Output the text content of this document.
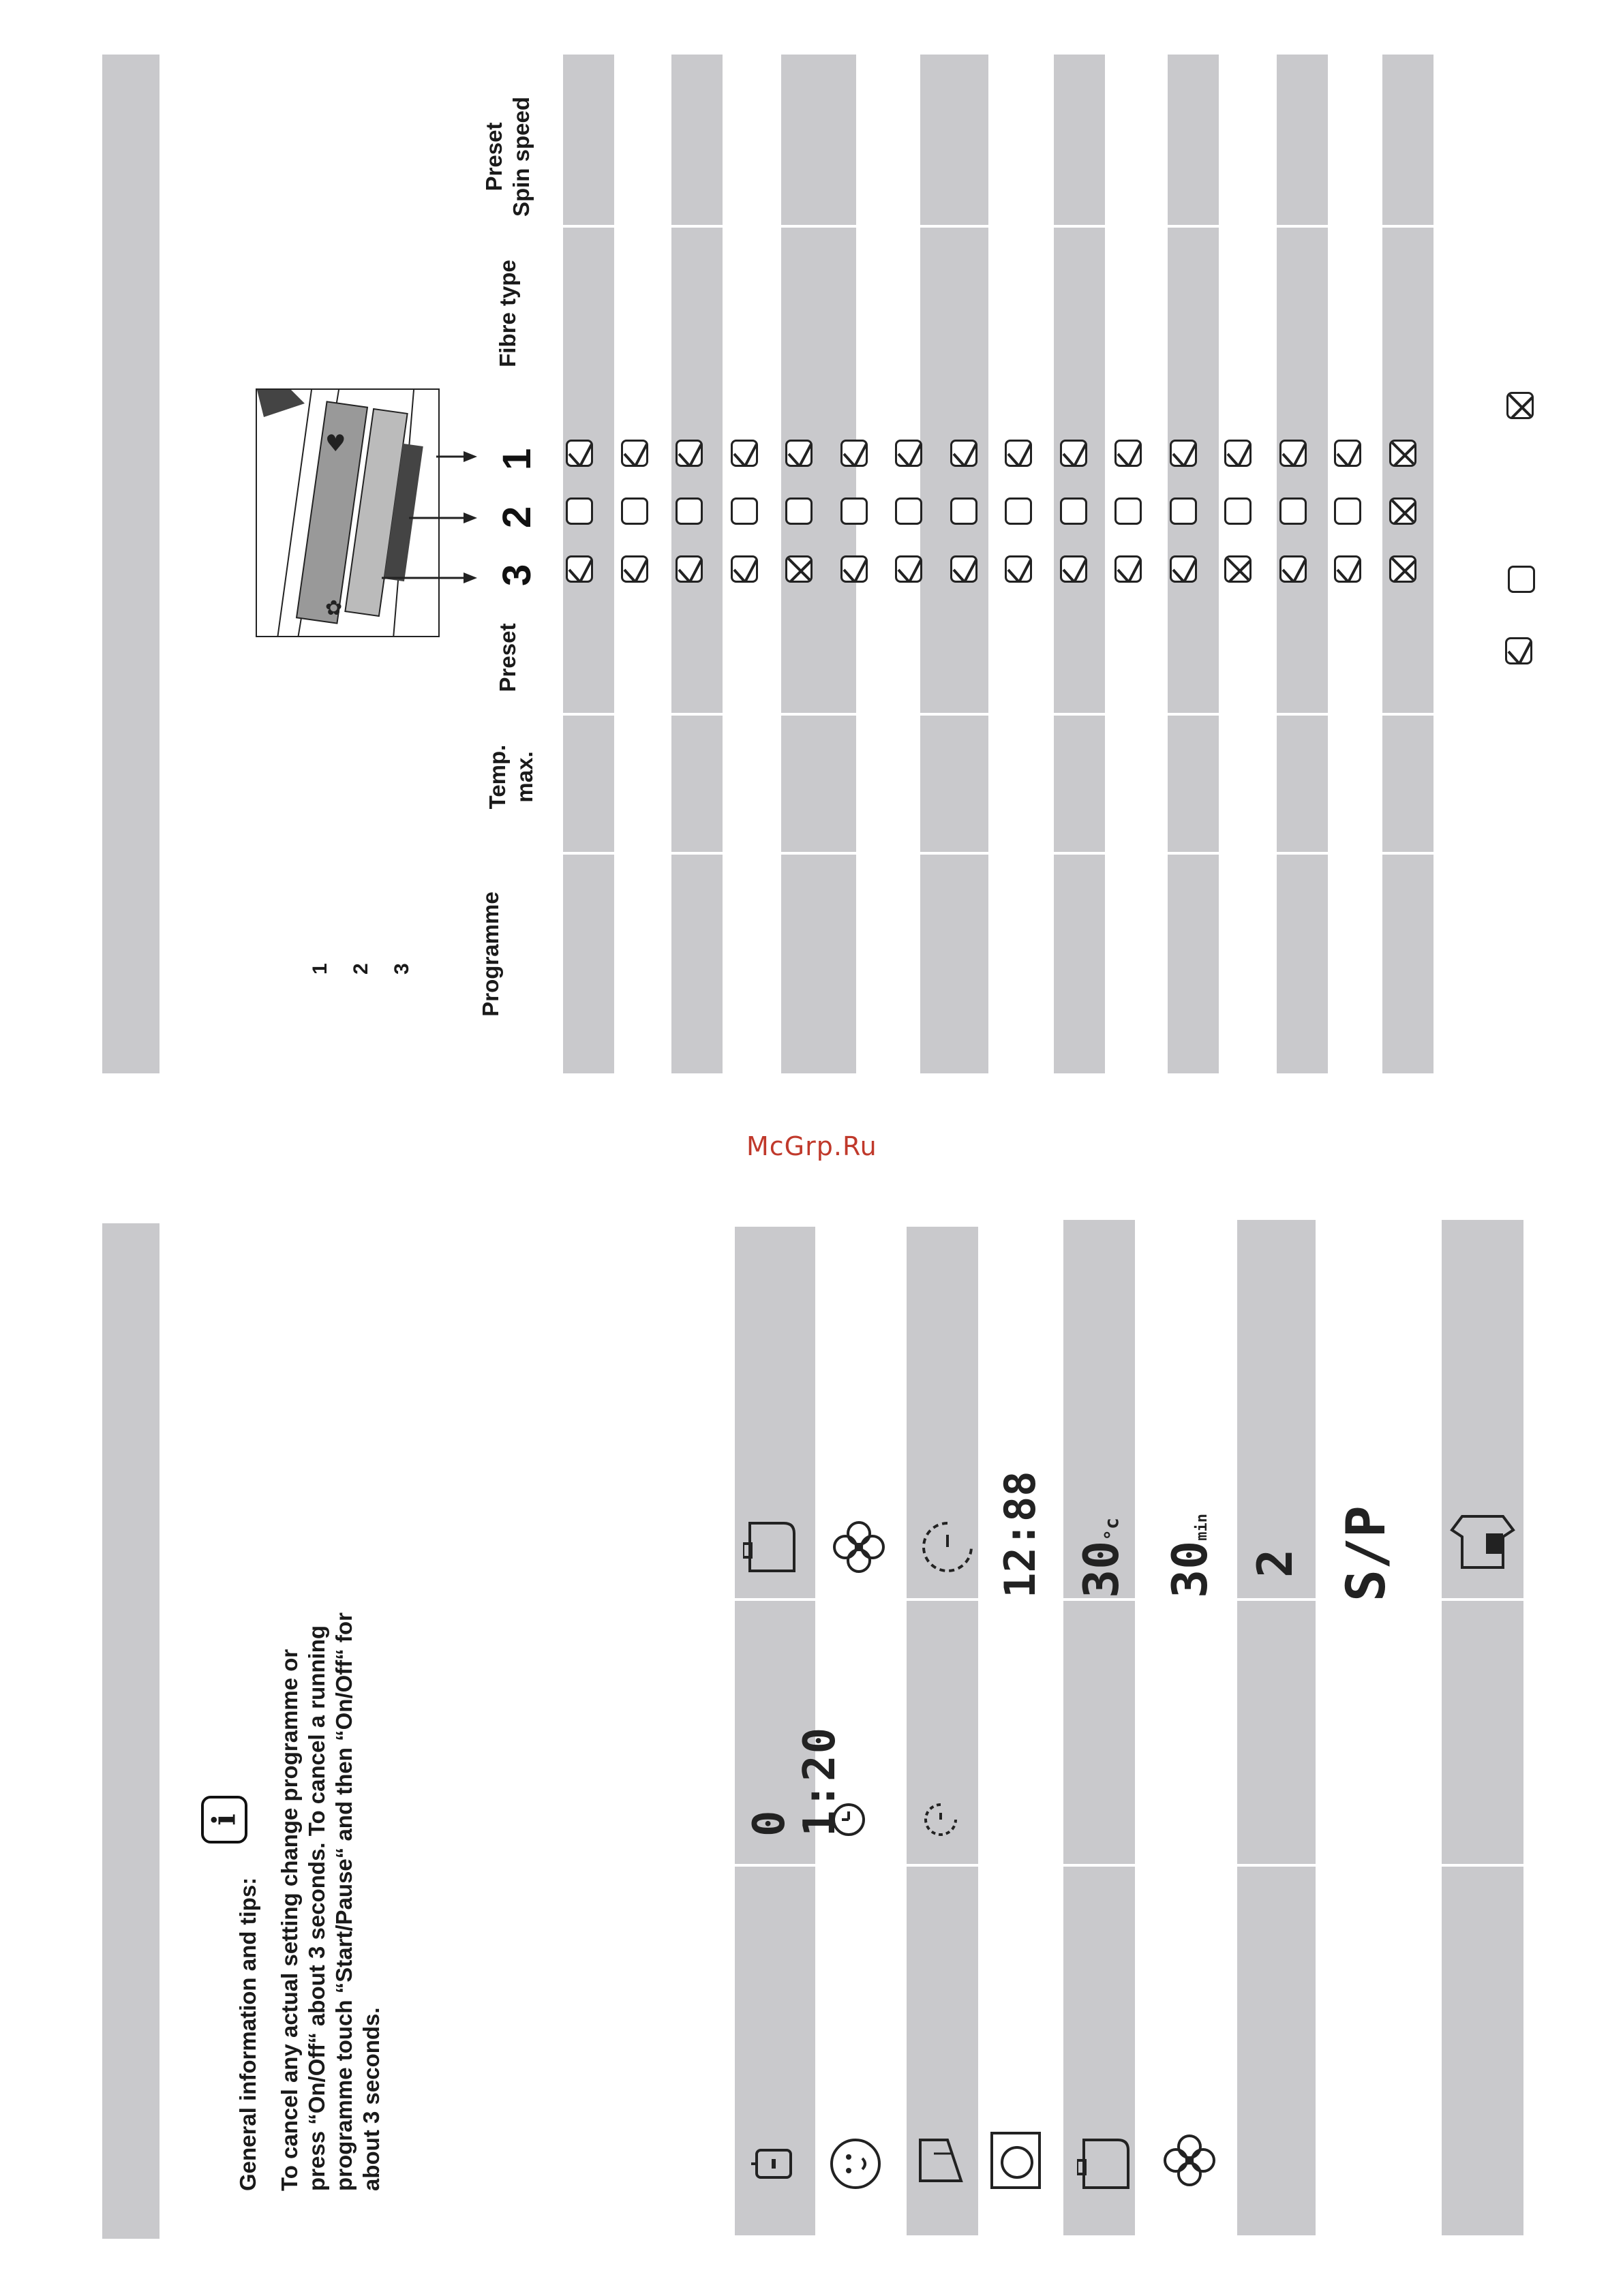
Programme
Temp. max.
Preset
Fibre type
Preset Spin speed
1 2 3
✿
♥
3
2
1
McGrp.Ru
i
General information and tips: To cancel any actual setting change programme or press “On/Off“ about 3 seconds. To cancel a running programme touch “Start/Pause“ and then “On/Off“ for about 3 seconds.
0 1:20
12:88 30°c
30min
2 S/P
